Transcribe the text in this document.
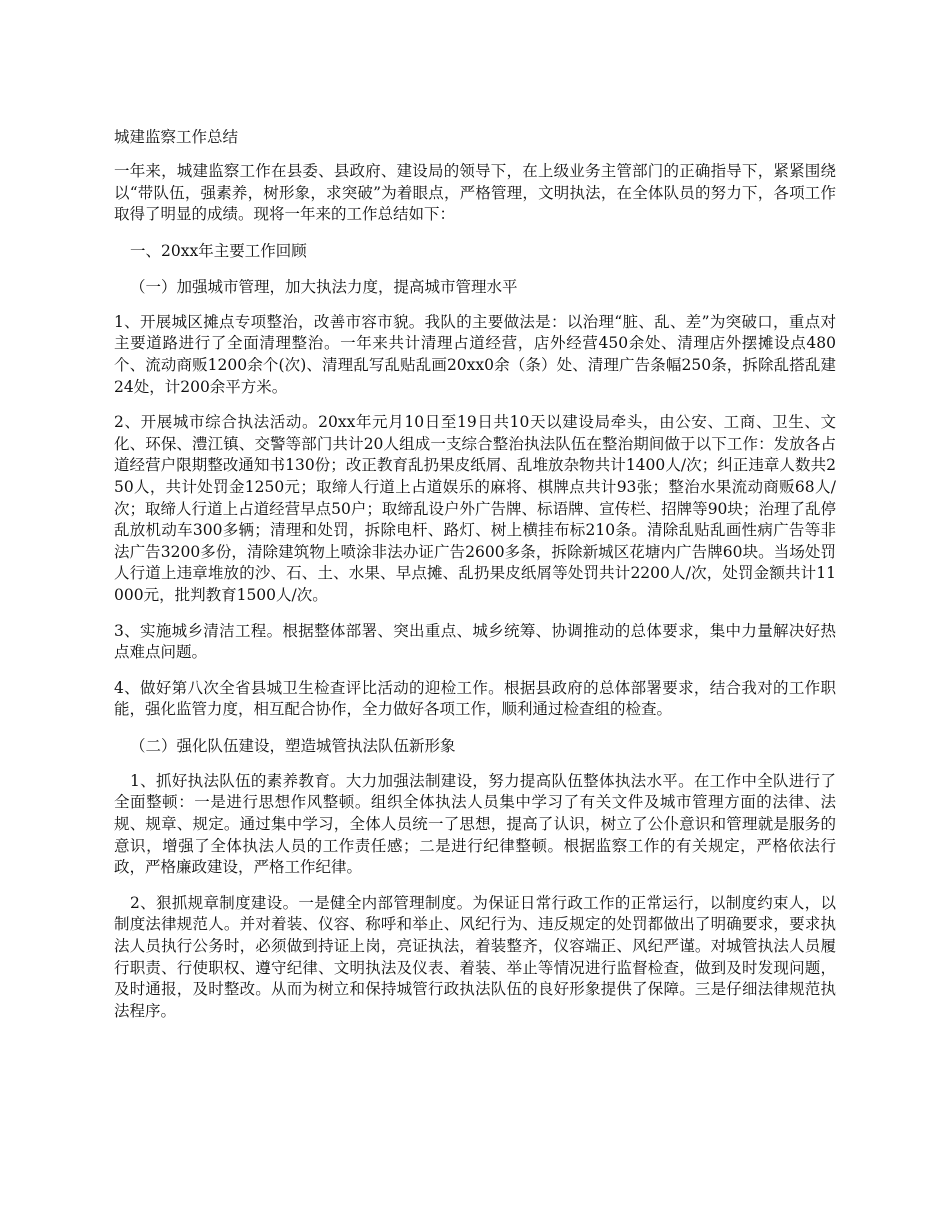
城建监察工作总结

一年来，城建监察工作在县委、县政府、建设局的领导下，在上级业务主管部门的正确指导下，紧紧围绕以“带队伍，强素养，树形象，求突破”为着眼点，严格管理，文明执法，在全体队员的努力下，各项工作取得了明显的成绩。现将一年来的工作总结如下：

一、20xx年主要工作回顾
（一）加强城市管理，加大执法力度，提高城市管理水平

1、开展城区摊点专项整治，改善市容市貌。我队的主要做法是：以治理“脏、乱、差”为突破口，重点对主要道路进行了全面清理整治。一年来共计清理占道经营，店外经营450余处、清理店外摆摊设点480个、流动商贩1200余个(次)、清理乱写乱贴乱画20xx0余（条）处、清理广告条幅250条，拆除乱搭乱建24处，计200余平方米。

2、开展城市综合执法活动。20xx年元月10日至19日共10天以建设局牵头，由公安、工商、卫生、文化、环保、澧江镇、交警等部门共计20人组成一支综合整治执法队伍在整治期间做于以下工作：发放各占道经营户限期整改通知书130份；改正教育乱扔果皮纸屑、乱堆放杂物共计1400人/次；纠正违章人数共250人，共计处罚金1250元；取缔人行道上占道娱乐的麻将、棋牌点共计93张；整治水果流动商贩68人/次；取缔人行道上占道经营早点50户；取缔乱设户外广告牌、标语牌、宣传栏、招牌等90块；治理了乱停乱放机动车300多辆；清理和处罚，拆除电杆、路灯、树上横挂布标210条。清除乱贴乱画性病广告等非法广告3200多份，清除建筑物上喷涂非法办证广告2600多条，拆除新城区花塘内广告牌60块。当场处罚人行道上违章堆放的沙、石、土、水果、早点摊、乱扔果皮纸屑等处罚共计2200人/次，处罚金额共计11000元，批判教育1500人/次。

3、实施城乡清洁工程。根据整体部署、突出重点、城乡统筹、协调推动的总体要求，集中力量解决好热点难点问题。

4、做好第八次全省县城卫生检查评比活动的迎检工作。根据县政府的总体部署要求，结合我对的工作职能，强化监管力度，相互配合协作，全力做好各项工作，顺利通过检查组的检查。

（二）强化队伍建设，塑造城管执法队伍新形象

1、抓好执法队伍的素养教育。大力加强法制建设，努力提高队伍整体执法水平。在工作中全队进行了全面整顿：一是进行思想作风整顿。组织全体执法人员集中学习了有关文件及城市管理方面的法律、法规、规章、规定。通过集中学习，全体人员统一了思想，提高了认识，树立了公仆意识和管理就是服务的意识，增强了全体执法人员的工作责任感；二是进行纪律整顿。根据监察工作的有关规定，严格依法行政，严格廉政建设，严格工作纪律。

2、狠抓规章制度建设。一是健全内部管理制度。为保证日常行政工作的正常运行，以制度约束人，以制度法律规范人。并对着装、仪容、称呼和举止、风纪行为、违反规定的处罚都做出了明确要求，要求执法人员执行公务时，必须做到持证上岗，亮证执法，着装整齐，仪容端正、风纪严谨。对城管执法人员履行职责、行使职权、遵守纪律、文明执法及仪表、着装、举止等情况进行监督检查，做到及时发现问题，及时通报，及时整改。从而为树立和保持城管行政执法队伍的良好形象提供了保障。三是仔细法律规范执法程序。
